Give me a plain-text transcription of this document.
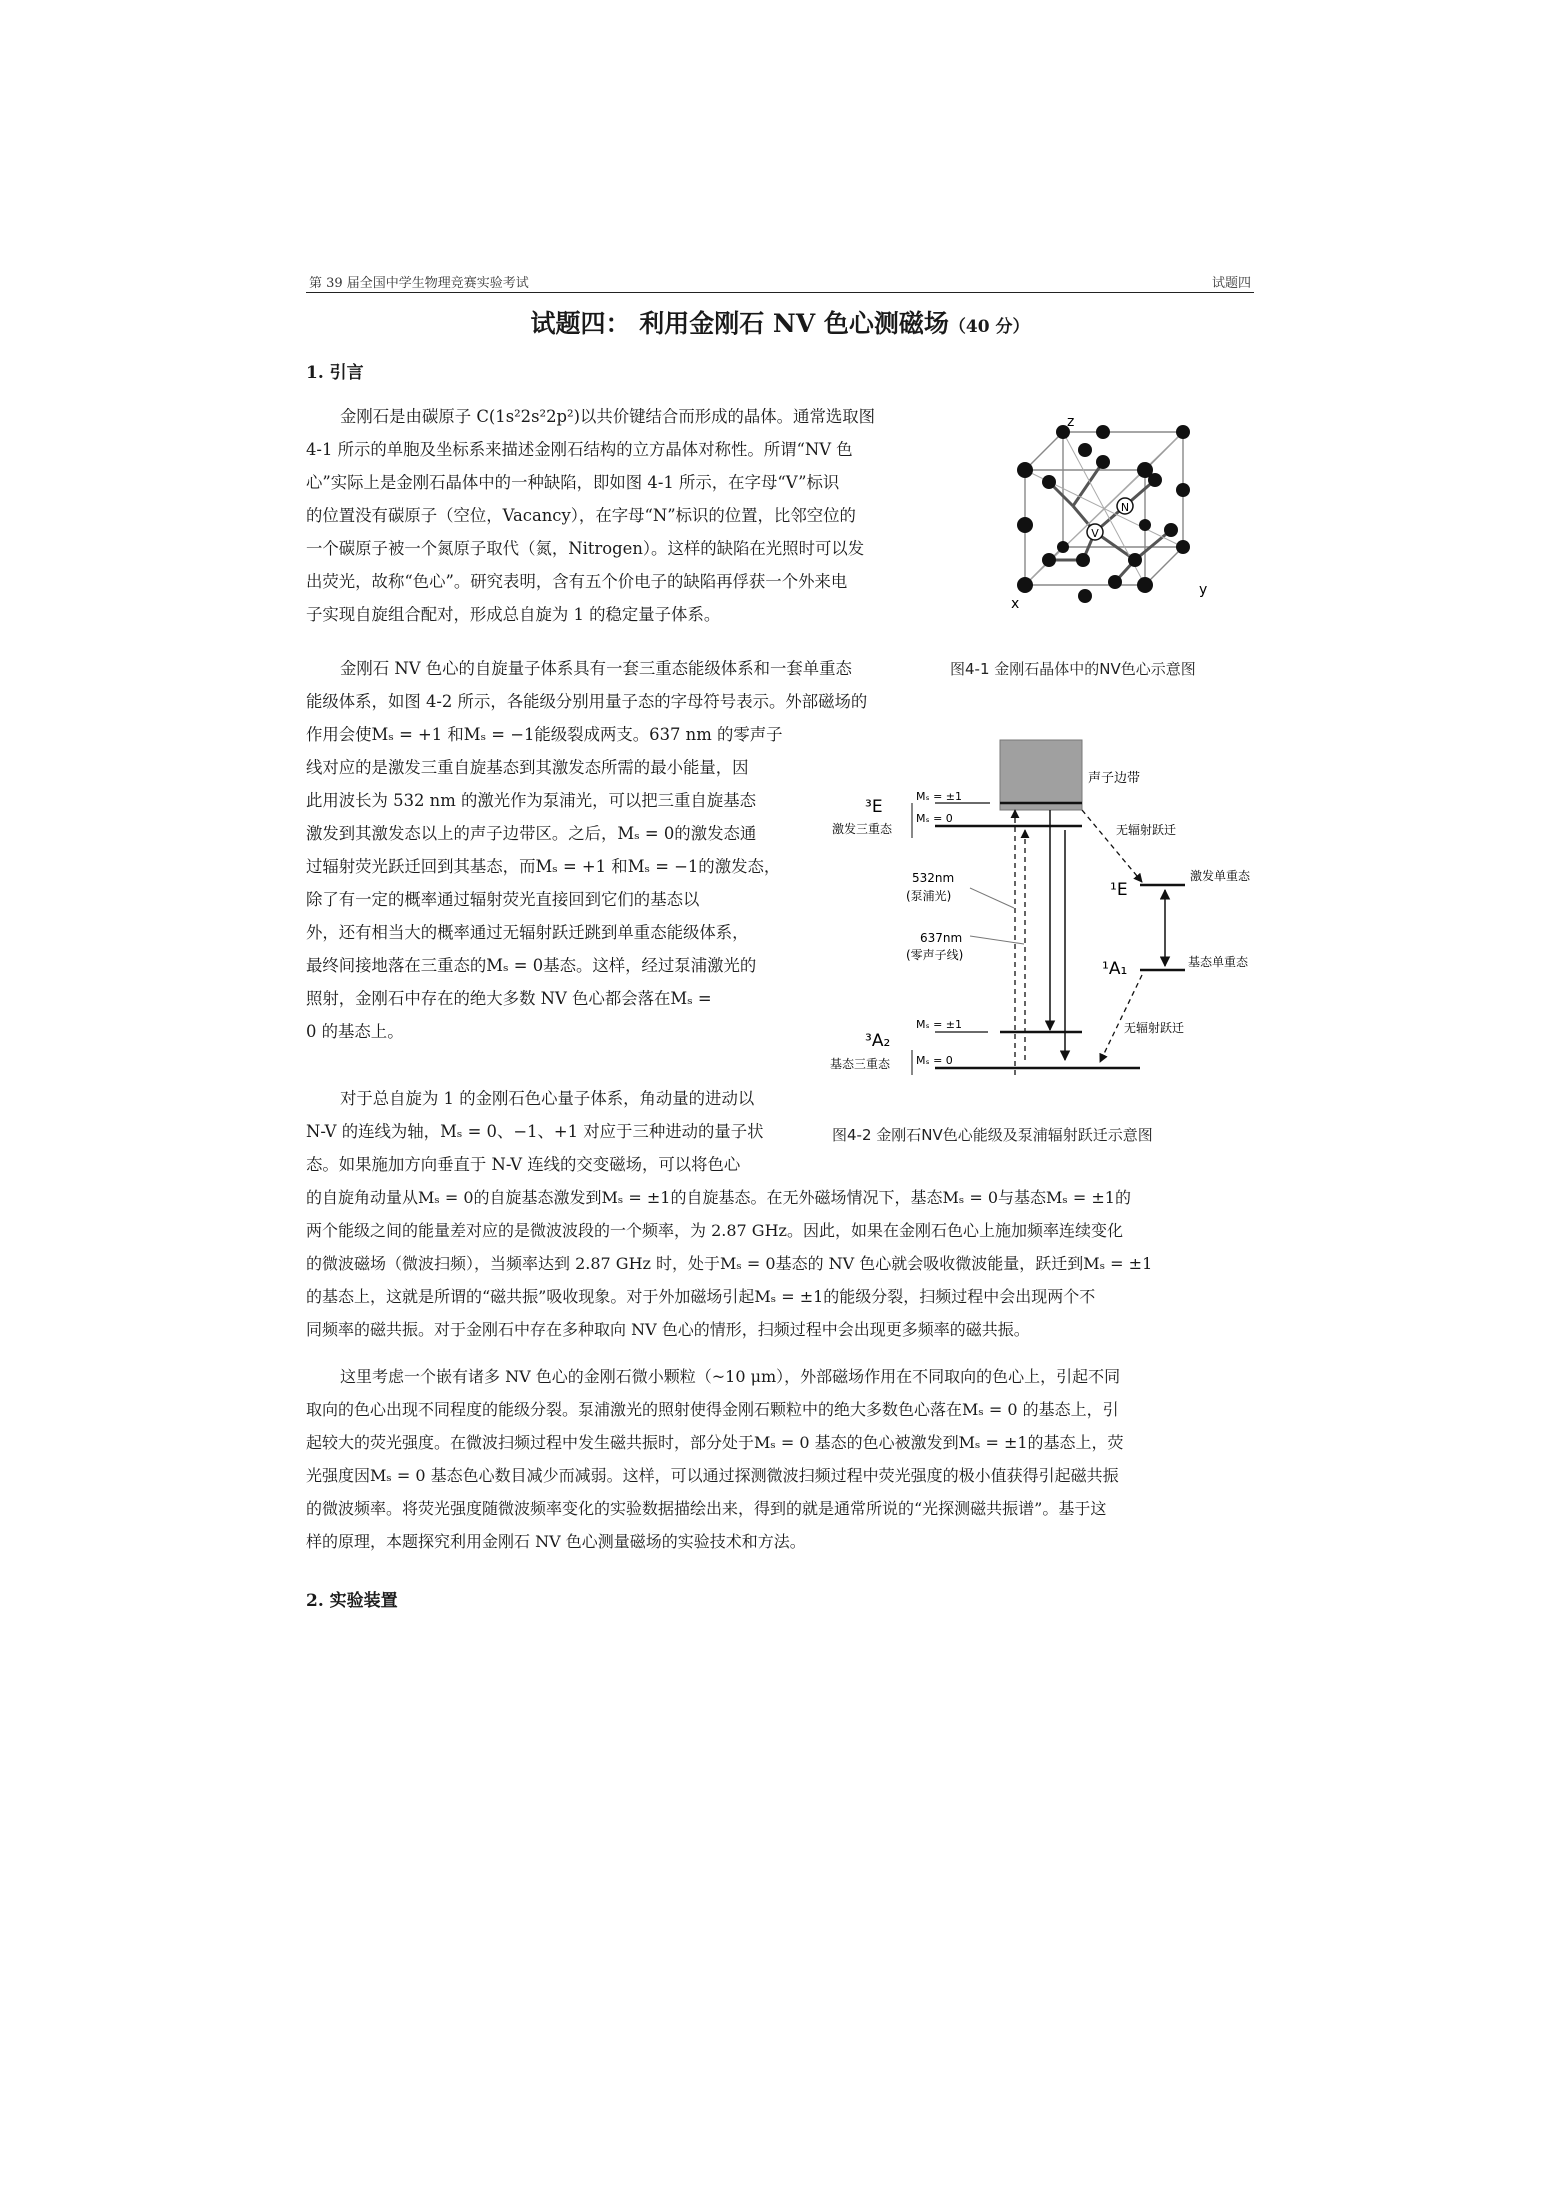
第 39 届全国中学生物理竞赛实验考试	试题四
试题四： 利用金刚石 NV 色心测磁场（40 分）
1. 引言
金刚石是由碳原子 C(1s²2s²2p²)以共价键结合而形成的晶体。通常选取图
4-1 所示的单胞及坐标系来描述金刚石结构的立方晶体对称性。所谓“NV 色
心”实际上是金刚石晶体中的一种缺陷，即如图 4-1 所示，在字母“V”标识
的位置没有碳原子（空位，Vacancy），在字母“N”标识的位置，比邻空位的
一个碳原子被一个氮原子取代（氮，Nitrogen）。这样的缺陷在光照时可以发
出荧光，故称“色心”。研究表明，含有五个价电子的缺陷再俘获一个外来电
子实现自旋组合配对，形成总自旋为 1 的稳定量子体系。
金刚石 NV 色心的自旋量子体系具有一套三重态能级体系和一套单重态
能级体系，如图 4-2 所示，各能级分别用量子态的字母符号表示。外部磁场的
作用会使Mₛ = +1 和Mₛ = −1能级裂成两支。637 nm 的零声子
线对应的是激发三重自旋基态到其激发态所需的最小能量，因
此用波长为 532 nm 的激光作为泵浦光，可以把三重自旋基态
激发到其激发态以上的声子边带区。之后，Mₛ = 0的激发态通
过辐射荧光跃迁回到其基态，而Mₛ = +1 和Mₛ = −1的激发态，
除了有一定的概率通过辐射荧光直接回到它们的基态以
外，还有相当大的概率通过无辐射跃迁跳到单重态能级体系，
最终间接地落在三重态的Mₛ = 0基态。这样，经过泵浦激光的
照射，金刚石中存在的绝大多数 NV 色心都会落在Mₛ =
0 的基态上。
对于总自旋为 1 的金刚石色心量子体系，角动量的进动以
N-V 的连线为轴，Mₛ = 0、−1、+1 对应于三种进动的量子状
态。如果施加方向垂直于 N-V 连线的交变磁场，可以将色心
的自旋角动量从Mₛ = 0的自旋基态激发到Mₛ = ±1的自旋基态。在无外磁场情况下，基态Mₛ = 0与基态Mₛ = ±1的
两个能级之间的能量差对应的是微波波段的一个频率，为 2.87 GHz。因此，如果在金刚石色心上施加频率连续变化
的微波磁场（微波扫频），当频率达到 2.87 GHz 时，处于Mₛ = 0基态的 NV 色心就会吸收微波能量，跃迁到Mₛ = ±1
的基态上，这就是所谓的“磁共振”吸收现象。对于外加磁场引起Mₛ = ±1的能级分裂，扫频过程中会出现两个不
同频率的磁共振。对于金刚石中存在多种取向 NV 色心的情形，扫频过程中会出现更多频率的磁共振。
这里考虑一个嵌有诸多 NV 色心的金刚石微小颗粒（~10 μm），外部磁场作用在不同取向的色心上，引起不同
取向的色心出现不同程度的能级分裂。泵浦激光的照射使得金刚石颗粒中的绝大多数色心落在Mₛ = 0 的基态上，引
起较大的荧光强度。在微波扫频过程中发生磁共振时，部分处于Mₛ = 0 基态的色心被激发到Mₛ = ±1的基态上，荧
光强度因Mₛ = 0 基态色心数目减少而减弱。这样，可以通过探测微波扫频过程中荧光强度的极小值获得引起磁共振
的微波频率。将荧光强度随微波频率变化的实验数据描绘出来，得到的就是通常所说的“光探测磁共振谱”。基于这
样的原理，本题探究利用金刚石 NV 色心测量磁场的实验技术和方法。
2. 实验装置
N
V
z
y
x
图4-1 金刚石晶体中的NV色心示意图
声子边带
Mₛ = ±1
Mₛ = 0
³E
激发三重态	无辐射跃迁
¹E
激发单重态
¹A₁	基态单重态
532nm
(泵浦光)
637nm
(零声子线)
Mₛ = ±1
Mₛ = 0
³A₂
基态三重态
无辐射跃迁
图4-2 金刚石NV色心能级及泵浦辐射跃迁示意图
